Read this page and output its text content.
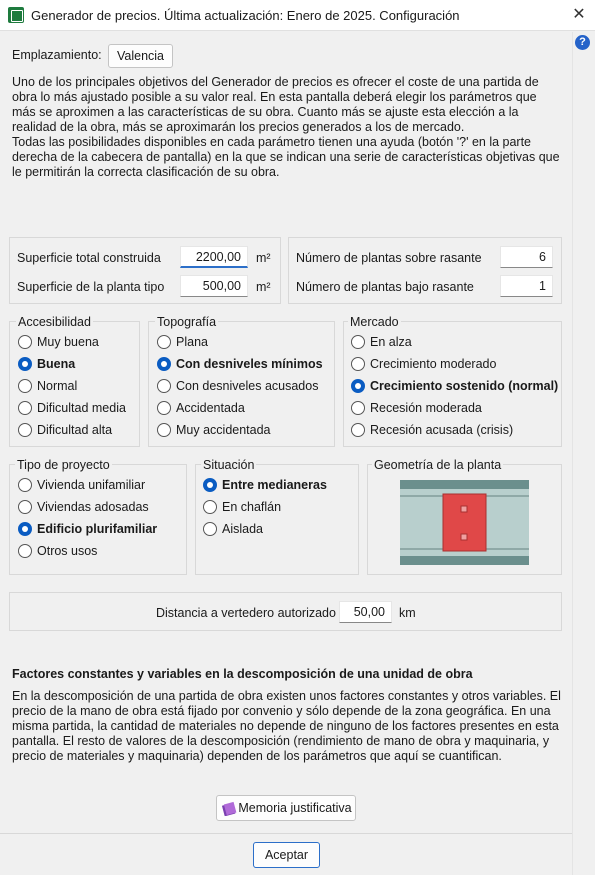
Generador de precios. Última actualización: Enero de 2025. Configuración	✕
?
Emplazamiento:	Valencia
Uno de los principales objetivos del Generador de precios es ofrecer el coste de una partida de
obra lo más ajustado posible a su valor real. En esta pantalla deberá elegir los parámetros que
más se aproximen a las características de su obra. Cuanto más se ajuste esta elección a la
realidad de la obra, más se aproximarán los precios generados a los de mercado.
Todas las posibilidades disponibles en cada parámetro tienen una ayuda (botón '?' en la parte
derecha de la cabecera de pantalla) en la que se indican una serie de características objetivas que
le permitirán la correcta clasificación de su obra.
Superficie total construida	2200,00	m²
Superficie de la planta tipo	500,00	m²
Número de plantas sobre rasante	6
Número de plantas bajo rasante	1
Accesibilidad
Muy buena
Buena
Normal
Dificultad media
Dificultad alta
Topografía
Plana
Con desniveles mínimos
Con desniveles acusados
Accidentada
Muy accidentada
Mercado
En alza
Crecimiento moderado
Crecimiento sostenido (normal)
Recesión moderada
Recesión acusada (crisis)
Tipo de proyecto
Vivienda unifamiliar
Viviendas adosadas
Edificio plurifamiliar
Otros usos
Situación
Entre medianeras
En chaflán
Aislada
Geometría de la planta
Distancia a vertedero autorizado	50,00	km
Factores constantes y variables en la descomposición de una unidad de obra
En la descomposición de una partida de obra existen unos factores constantes y otros variables. El
precio de la mano de obra está fijado por convenio y sólo depende de la zona geográfica. En una
misma partida, la cantidad de materiales no depende de ninguno de los factores presentes en esta
pantalla. El resto de valores de la descomposición (rendimiento de mano de obra y maquinaria, y
precio de materiales y maquinaria) dependen de los parámetros que aquí se cuantifican.
Memoria justificativa
Aceptar
